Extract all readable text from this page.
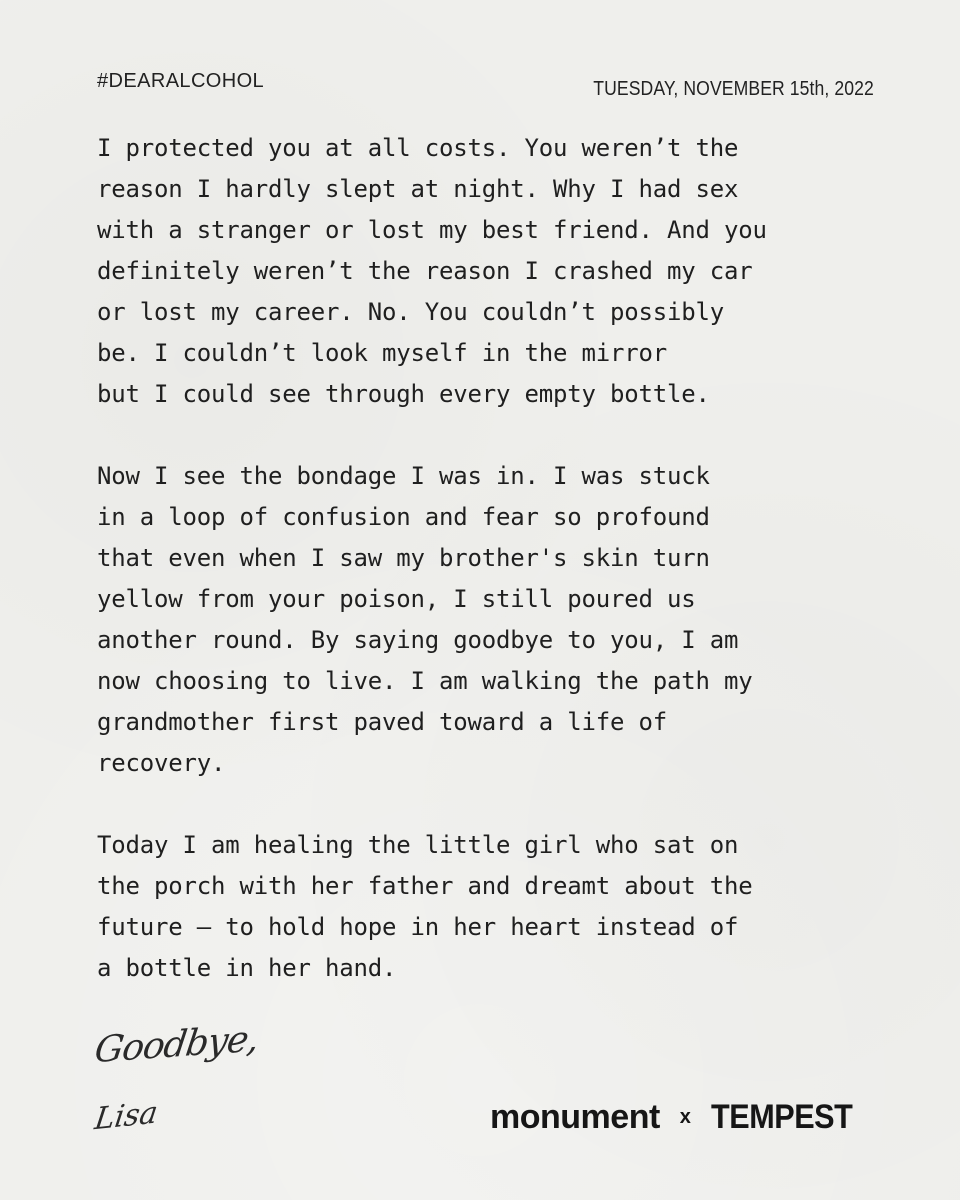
#DEARALCOHOL	TUESDAY, NOVEMBER 15th, 2022

I protected you at all costs. You weren’t the
reason I hardly slept at night. Why I had sex
with a stranger or lost my best friend. And you
definitely weren’t the reason I crashed my car
or lost my career. No. You couldn’t possibly
be. I couldn’t look myself in the mirror
but I could see through every empty bottle.

Now I see the bondage I was in. I was stuck
in a loop of confusion and fear so profound
that even when I saw my brother's skin turn
yellow from your poison, I still poured us
another round. By saying goodbye to you, I am
now choosing to live. I am walking the path my
grandmother first paved toward a life of
recovery.

Today I am healing the little girl who sat on
the porch with her father and dreamt about the
future — to hold hope in her heart instead of
a bottle in her hand.

Goodbye,
Lisa	monument x TEMPEST
